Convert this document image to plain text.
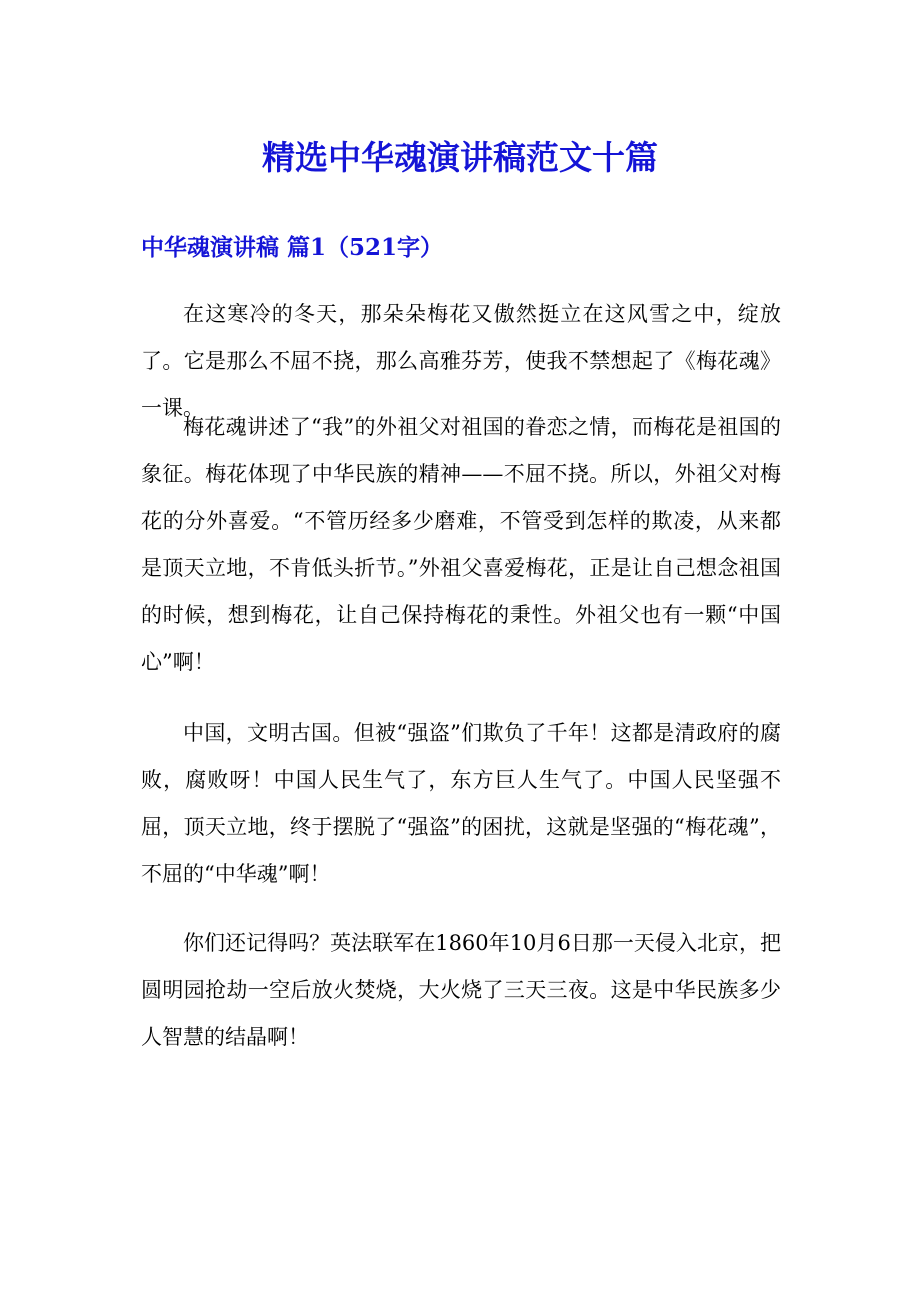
精选中华魂演讲稿范文十篇
中华魂演讲稿 篇1（521字）

在这寒冷的冬天，那朵朵梅花又傲然挺立在这风雪之中，绽放了。它是那么不屈不挠，那么高雅芬芳，使我不禁想起了《梅花魂》一课。

梅花魂讲述了“我”的外祖父对祖国的眷恋之情，而梅花是祖国的象征。梅花体现了中华民族的精神——不屈不挠。所以，外祖父对梅花的分外喜爱。“不管历经多少磨难，不管受到怎样的欺凌，从来都是顶天立地，不肯低头折节。”外祖父喜爱梅花，正是让自己想念祖国的时候，想到梅花，让自己保持梅花的秉性。外祖父也有一颗“中国心”啊！

中国，文明古国。但被“强盗”们欺负了千年！这都是清政府的腐败，腐败呀！中国人民生气了，东方巨人生气了。中国人民坚强不屈，顶天立地，终于摆脱了“强盗”的困扰，这就是坚强的“梅花魂”，不屈的“中华魂”啊！

你们还记得吗？英法联军在1860年10月6日那一天侵入北京，把圆明园抢劫一空后放火焚烧，大火烧了三天三夜。这是中华民族多少人智慧的结晶啊！
